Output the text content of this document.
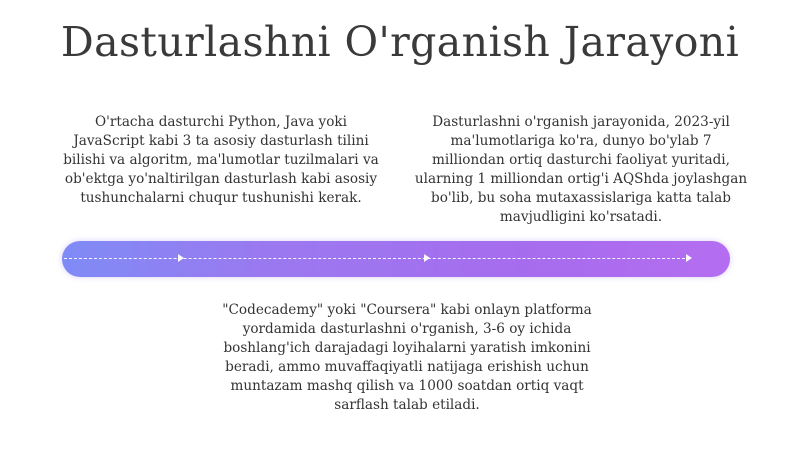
Dasturlashni O'rganish Jarayoni
O'rtacha dasturchi Python, Java yoki JavaScript kabi 3 ta asosiy dasturlash tilini bilishi va algoritm, ma'lumotlar tuzilmalari va ob'ektga yo'naltirilgan dasturlash kabi asosiy tushunchalarni chuqur tushunishi kerak.
Dasturlashni o'rganish jarayonida, 2023-yil ma'lumotlariga ko'ra, dunyo bo'ylab 7 milliondan ortiq dasturchi faoliyat yuritadi, ularning 1 milliondan ortig'i AQShda joylashgan bo'lib, bu soha mutaxassislariga katta talab mavjudligini ko'rsatadi.
"Codecademy" yoki "Coursera" kabi onlayn platforma yordamida dasturlashni o'rganish, 3-6 oy ichida boshlang'ich darajadagi loyihalarni yaratish imkonini beradi, ammo muvaffaqiyatli natijaga erishish uchun muntazam mashq qilish va 1000 soatdan ortiq vaqt sarflash talab etiladi.
